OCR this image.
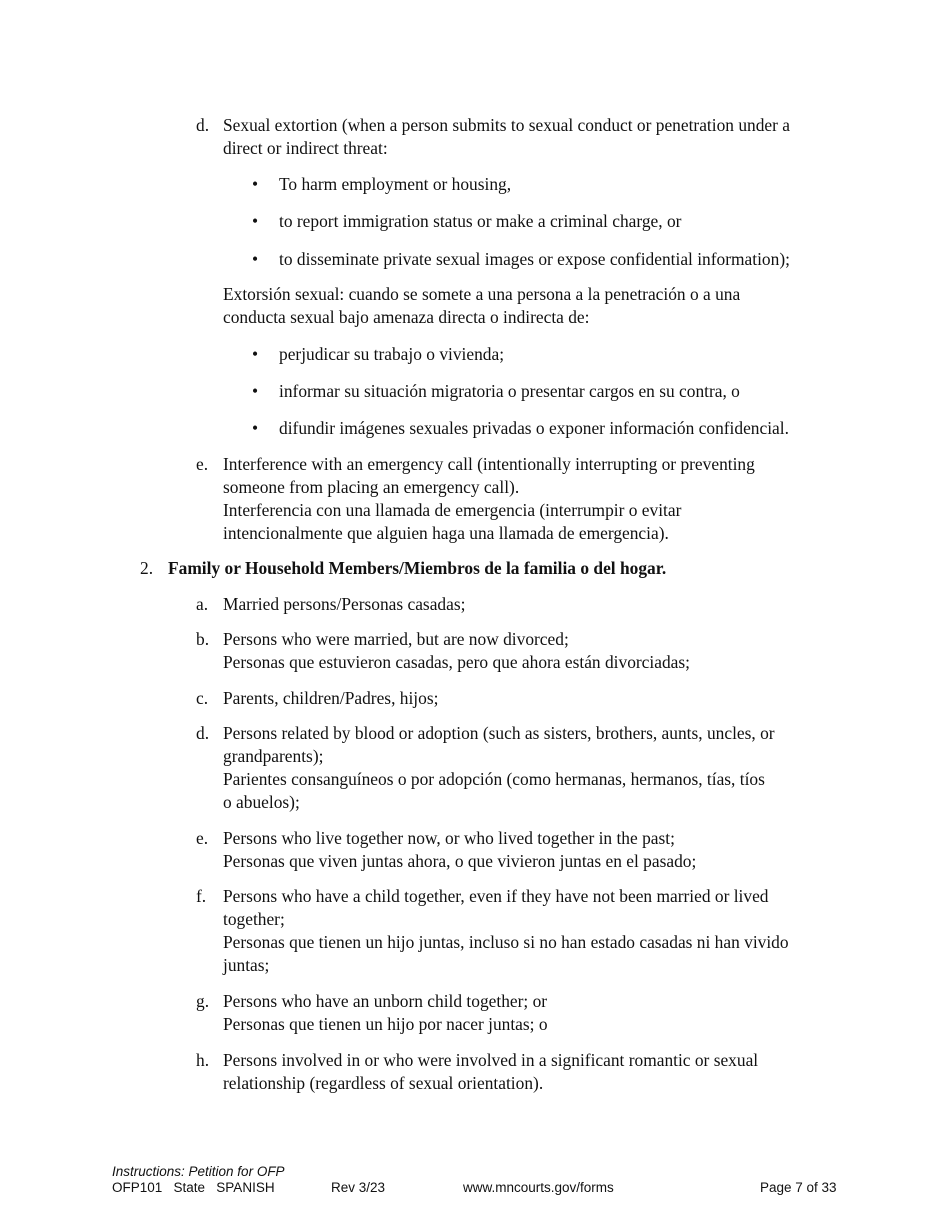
d. Sexual extortion (when a person submits to sexual conduct or penetration under a
direct or indirect threat:
• To harm employment or housing,
• to report immigration status or make a criminal charge, or
• to disseminate private sexual images or expose confidential information);
Extorsión sexual: cuando se somete a una persona a la penetración o a una
conducta sexual bajo amenaza directa o indirecta de:
• perjudicar su trabajo o vivienda;
• informar su situación migratoria o presentar cargos en su contra, o
• difundir imágenes sexuales privadas o exponer información confidencial.
e. Interference with an emergency call (intentionally interrupting or preventing
someone from placing an emergency call).
Interferencia con una llamada de emergencia (interrumpir o evitar
intencionalmente que alguien haga una llamada de emergencia).
2. Family or Household Members/Miembros de la familia o del hogar.
a. Married persons/Personas casadas;
b. Persons who were married, but are now divorced;
Personas que estuvieron casadas, pero que ahora están divorciadas;
c. Parents, children/Padres, hijos;
d. Persons related by blood or adoption (such as sisters, brothers, aunts, uncles, or
grandparents);
Parientes consanguíneos o por adopción (como hermanas, hermanos, tías, tíos
o abuelos);
e. Persons who live together now, or who lived together in the past;
Personas que viven juntas ahora, o que vivieron juntas en el pasado;
f. Persons who have a child together, even if they have not been married or lived
together;
Personas que tienen un hijo juntas, incluso si no han estado casadas ni han vivido
juntas;
g. Persons who have an unborn child together; or
Personas que tienen un hijo por nacer juntas; o
h. Persons involved in or who were involved in a significant romantic or sexual
relationship (regardless of sexual orientation).
Instructions: Petition for OFP
OFP101   State   SPANISH	Rev 3/23	www.mncourts.gov/forms	Page 7 of 33
